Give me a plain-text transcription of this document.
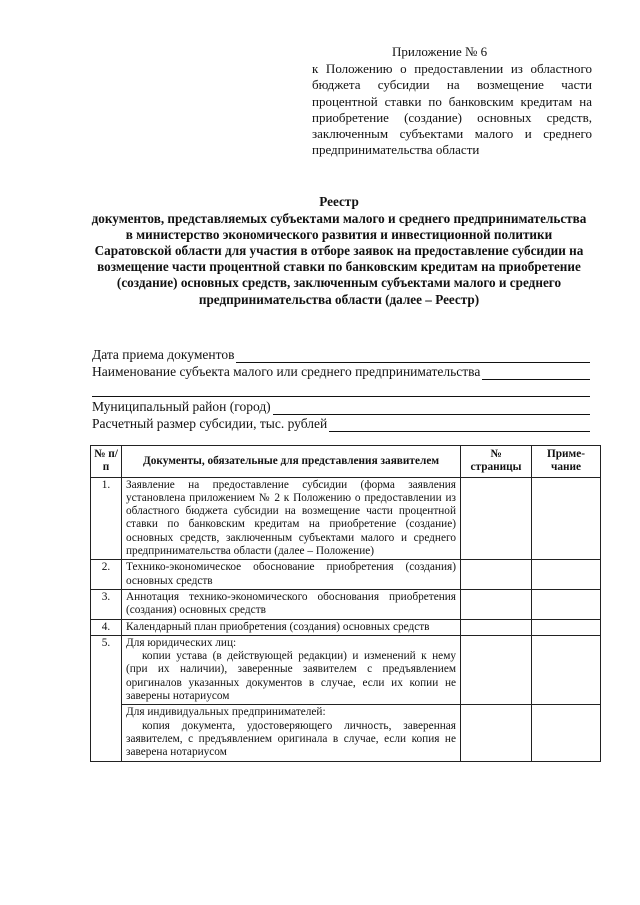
Приложение № 6
к Положению о предоставлении из областного бюджета субсидии на возмещение части процентной ставки по банковским кредитам на приобретение (создание) основных средств, заключенным субъектами малого и среднего предпринимательства области
Реестр
документов, представляемых субъектами малого и среднего предпринимательства в министерство экономического развития и инвестиционной политики Саратовской области для участия в отборе заявок на предоставление субсидии на возмещение части процентной ставки по банковским кредитам на приобретение (создание) основных средств, заключенным субъектами малого и среднего предпринимательства области (далее – Реестр)
Дата приема документов
Наименование субъекта малого или среднего предпринимательства
Муниципальный район (город)
Расчетный размер субсидии, тыс. рублей
№ п/п	Документы, обязательные для представления заявителем	№ страницы	Приме- чание
1.	Заявление на предоставление субсидии (форма заявления установлена приложением № 2 к Положению о предоставлении из областного бюджета субсидии на возмещение части процентной ставки по банковским кредитам на приобретение (создание) основных средств, заключенным субъектами малого и среднего предпринимательства области (далее – Положение)		
2.	Технико-экономическое обоснование приобретения (создания) основных средств		
3.	Аннотация технико-экономического обоснования приобретения (создания) основных средств		
4.	Календарный план приобретения (создания) основных средств		
5.	Для юридических лиц:
копии устава (в действующей редакции) и изменений к нему (при их наличии), заверенные заявителем с предъявлением оригиналов указанных документов в случае, если их копии не заверены нотариусом		

	Для индивидуальных предпринимателей:
копия документа, удостоверяющего личность, заверенная заявителем, с предъявлением оригинала в случае, если копия не заверена нотариусом		
